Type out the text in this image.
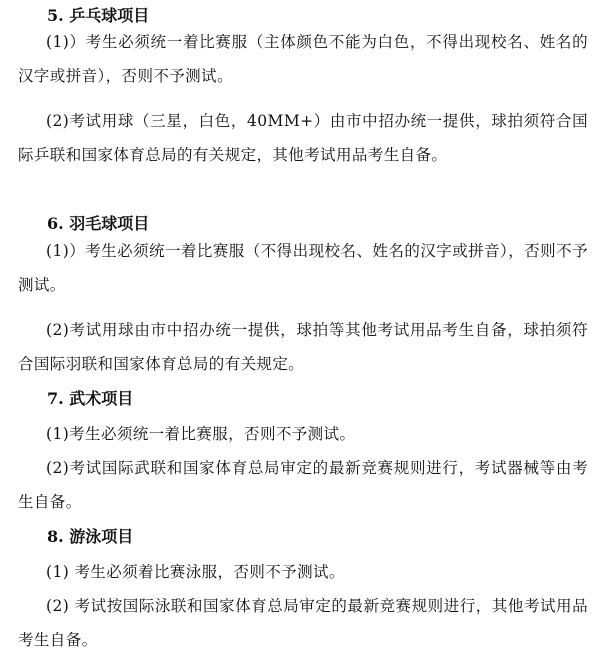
5. 乒乓球项目

(1)）考生必须统一着比赛服（主体颜色不能为白色，不得出现校名、姓名的汉字或拼音），否则不予测试。

(2)考试用球（三星，白色，40MM+）由市中招办统一提供，球拍须符合国际乒联和国家体育总局的有关规定，其他考试用品考生自备。

6. 羽毛球项目

(1)）考生必须统一着比赛服（不得出现校名、姓名的汉字或拼音），否则不予测试。

(2)考试用球由市中招办统一提供，球拍等其他考试用品考生自备，球拍须符合国际羽联和国家体育总局的有关规定。

7. 武术项目

(1)考生必须统一着比赛服，否则不予测试。

(2)考试国际武联和国家体育总局审定的最新竞赛规则进行，考试器械等由考生自备。

8. 游泳项目

(1) 考生必须着比赛泳服，否则不予测试。

(2) 考试按国际泳联和国家体育总局审定的最新竞赛规则进行，其他考试用品考生自备。
